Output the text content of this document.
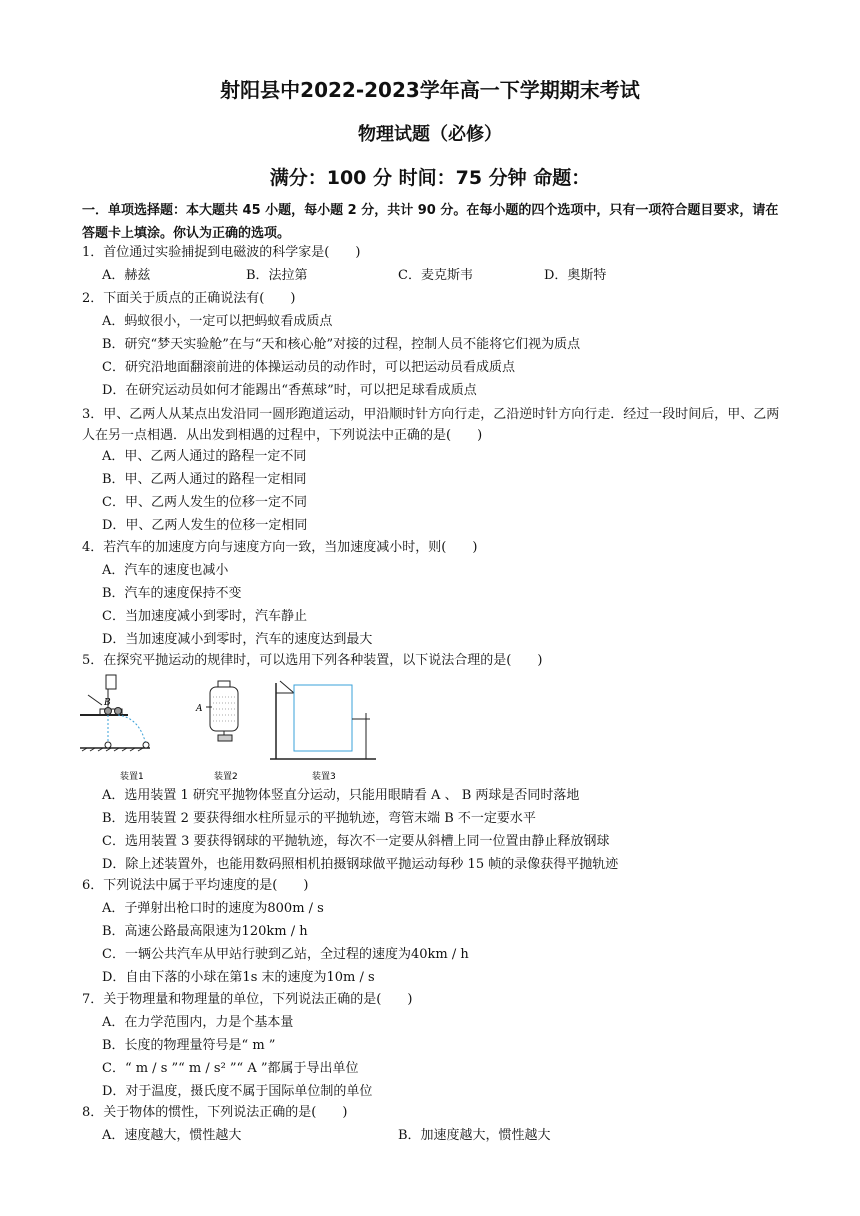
射阳县中2022-2023学年高一下学期期末考试
物理试题（必修）
满分：100 分 时间：75 分钟 命题：
一．单项选择题：本大题共 45 小题，每小题 2 分，共计 90 分。在每小题的四个选项中，只有一项符合题目要求，请在答题卡上填涂。你认为正确的选项。
1．首位通过实验捕捉到电磁波的科学家是(　　)
A．赫兹	B．法拉第	C．麦克斯韦	D．奥斯特
2．下面关于质点的正确说法有(　　)
A．蚂蚁很小，一定可以把蚂蚁看成质点
B．研究“梦天实验舱”在与“天和核心舱”对接的过程，控制人员不能将它们视为质点
C．研究沿地面翻滚前进的体操运动员的动作时，可以把运动员看成质点
D．在研究运动员如何才能踢出“香蕉球”时，可以把足球看成质点
3．甲、乙两人从某点出发沿同一圆形跑道运动，甲沿顺时针方向行走，乙沿逆时针方向行走．经过一段时间后，甲、乙两人在另一点相遇．从出发到相遇的过程中，下列说法中正确的是(　　)
A．甲、乙两人通过的路程一定不同
B．甲、乙两人通过的路程一定相同
C．甲、乙两人发生的位移一定不同
D．甲、乙两人发生的位移一定相同
4．若汽车的加速度方向与速度方向一致，当加速度减小时，则(　　)
A．汽车的速度也减小
B．汽车的速度保持不变
C．当加速度减小到零时，汽车静止
D．当加速度减小到零时，汽车的速度达到最大
5．在探究平抛运动的规律时，可以选用下列各种装置，以下说法合理的是(　　)
B
装置1
A
装置2	装置3
A．选用装置 1 研究平抛物体竖直分运动，只能用眼睛看 A 、 B 两球是否同时落地
B．选用装置 2 要获得细水柱所显示的平抛轨迹，弯管末端 B 不一定要水平
C．选用装置 3 要获得钢球的平抛轨迹，每次不一定要从斜槽上同一位置由静止释放钢球
D．除上述装置外，也能用数码照相机拍摄钢球做平抛运动每秒 15 帧的录像获得平抛轨迹
6．下列说法中属于平均速度的是(　　)
A．子弹射出枪口时的速度为800m / s
B．高速公路最高限速为120km / h
C．一辆公共汽车从甲站行驶到乙站，全过程的速度为40km / h
D．自由下落的小球在第1s 末的速度为10m / s
7．关于物理量和物理量的单位，下列说法正确的是(　　)
A．在力学范围内，力是个基本量
B．长度的物理量符号是“ m ”
C．“ m / s ”“ m / s² ”“ A ”都属于导出单位
D．对于温度，摄氏度不属于国际单位制的单位
8．关于物体的惯性，下列说法正确的是(　　)
A．速度越大，惯性越大	B．加速度越大，惯性越大
